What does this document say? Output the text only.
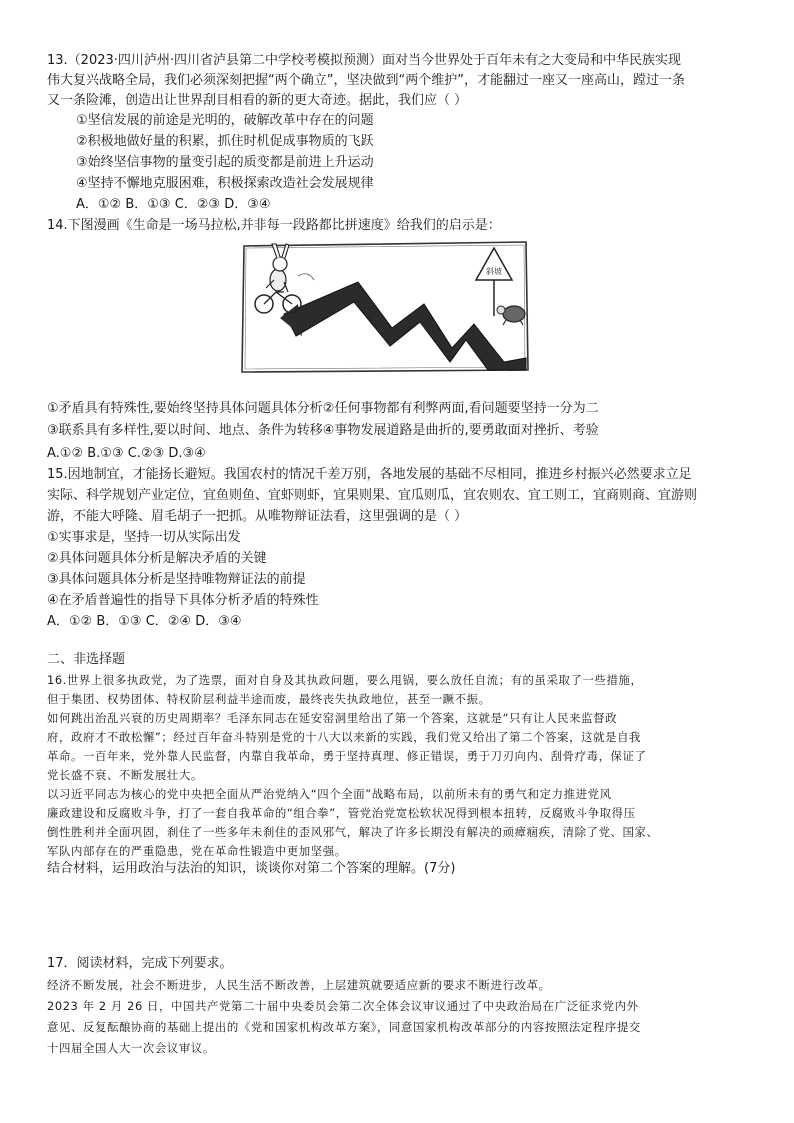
13.（2023·四川泸州·四川省泸县第二中学校考模拟预测）面对当今世界处于百年未有之大变局和中华民族实现
伟大复兴战略全局，我们必须深刻把握“两个确立”，坚决做到“两个维护”，才能翻过一座又一座高山，蹚过一条
又一条险滩，创造出让世界刮目相看的新的更大奇迹。据此，我们应（ ）
①坚信发展的前途是光明的，破解改革中存在的问题
②积极地做好量的积累，抓住时机促成事物质的飞跃
③始终坚信事物的量变引起的质变都是前进上升运动
④坚持不懈地克服困难，积极探索改造社会发展规律
A．①② B．①③ C．②③ D．③④
14.下图漫画《生命是一场马拉松,并非每一段路都比拼速度》给我们的启示是：
斜坡
①矛盾具有特殊性,要始终坚持具体问题具体分析②任何事物都有利弊两面,看问题要坚持一分为二
③联系具有多样性,要以时间、地点、条件为转移④事物发展道路是曲折的,要勇敢面对挫折、考验
A.①② B.①③ C.②③ D.③④
15.因地制宜，才能扬长避短。我国农村的情况千差万别，各地发展的基础不尽相同，推进乡村振兴必然要求立足
实际、科学规划产业定位，宜鱼则鱼、宜虾则虾，宜果则果、宜瓜则瓜，宜农则农、宜工则工，宜商则商、宜游则
游，不能大呼隆、眉毛胡子一把抓。从唯物辩证法看，这里强调的是（ ）
①实事求是，坚持一切从实际出发
②具体问题具体分析是解决矛盾的关键
③具体问题具体分析是坚持唯物辩证法的前提
④在矛盾普遍性的指导下具体分析矛盾的特殊性
A．①② B．①③ C．②④ D．③④
二、非选择题
16.世界上很多执政党，为了选票，面对自身及其执政问题，要么甩锅，要么放任自流；有的虽采取了一些措施，
但于集团、权势团体、特权阶层利益半途而废，最终丧失执政地位，甚至一蹶不振。
如何跳出治乱兴衰的历史周期率？毛泽东同志在延安窑洞里给出了第一个答案，这就是“只有让人民来监督政
府，政府才不敢松懈”；经过百年奋斗特别是党的十八大以来新的实践，我们党又给出了第二个答案，这就是自我
革命。一百年来，党外靠人民监督，内靠自我革命，勇于坚持真理、修正错误，勇于刀刃向内、刮骨疗毒，保证了
党长盛不衰、不断发展壮大。
以习近平同志为核心的党中央把全面从严治党纳入“四个全面”战略布局，以前所未有的勇气和定力推进党风
廉政建设和反腐败斗争，打了一套自我革命的“组合拳”，管党治党宽松软状况得到根本扭转，反腐败斗争取得压
倒性胜利并全面巩固，刹住了一些多年未刹住的歪风邪气，解决了许多长期没有解决的顽瘴痼疾，清除了党、国家、
军队内部存在的严重隐患，党在革命性锻造中更加坚强。
结合材料，运用政治与法治的知识，谈谈你对第二个答案的理解。(7分)
17．阅读材料，完成下列要求。
经济不断发展，社会不断进步，人民生活不断改善，上层建筑就要适应新的要求不断进行改革。
2023 年 2 月 26 日，中国共产党第二十届中央委员会第二次全体会议审议通过了中央政治局在广泛征求党内外
意见、反复酝酿协商的基础上提出的《党和国家机构改革方案》，同意国家机构改革部分的内容按照法定程序提交
十四届全国人大一次会议审议。
